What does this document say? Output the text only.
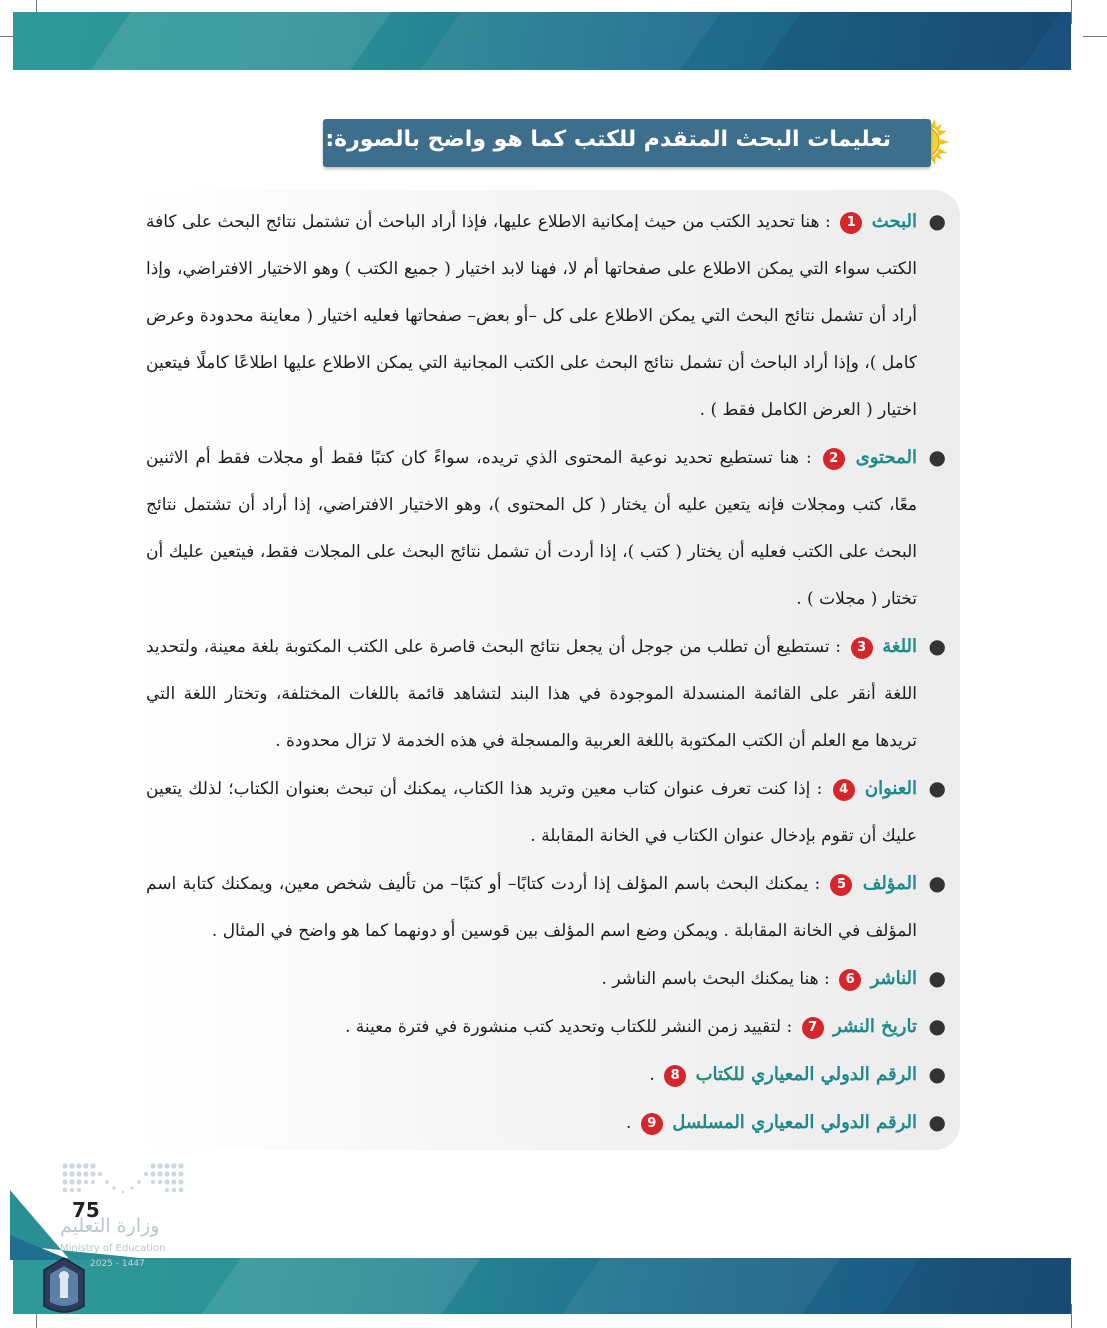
تعليمات البحث المتقدم للكتب كما هو واضح بالصورة:
●
البحث 1 : هنا تحديد الكتب من حيث إمكانية الاطلاع عليها، فإذا أراد الباحث أن تشتمل نتائج البحث على كافة الكتب سواء التي يمكن الاطلاع على صفحاتها أم لا، فهنا لابد اختيار ( جميع الكتب ) وهو الاختيار الافتراضي، وإذا أراد أن تشمل نتائج البحث التي يمكن الاطلاع على كل –أو بعض– صفحاتها فعليه اختيار ( معاينة محدودة وعرض كامل )، وإذا أراد الباحث أن تشمل نتائج البحث على الكتب المجانية التي يمكن الاطلاع عليها اطلاعًا كاملًا فيتعين اختيار ( العرض الكامل فقط ) .
●
المحتوى 2 : هنا تستطيع تحديد نوعية المحتوى الذي تريده، سواءً كان كتبًا فقط أو مجلات فقط أم الاثنين معًا، كتب ومجلات فإنه يتعين عليه أن يختار ( كل المحتوى )، وهو الاختيار الافتراضي، إذا أراد أن تشتمل نتائج البحث على الكتب فعليه أن يختار ( كتب )، إذا أردت أن تشمل نتائج البحث على المجلات فقط، فيتعين عليك أن تختار ( مجلات ) .
●
اللغة 3 : تستطيع أن تطلب من جوجل أن يجعل نتائج البحث قاصرة على الكتب المكتوبة بلغة معينة، ولتحديد اللغة أنقر على القائمة المنسدلة الموجودة في هذا البند لتشاهد قائمة باللغات المختلفة، وتختار اللغة التي تريدها مع العلم أن الكتب المكتوبة باللغة العربية والمسجلة في هذه الخدمة لا تزال محدودة .
●
العنوان 4 : إذا كنت تعرف عنوان كتاب معين وتريد هذا الكتاب، يمكنك أن تبحث بعنوان الكتاب؛ لذلك يتعين عليك أن تقوم بإدخال عنوان الكتاب في الخانة المقابلة .
●
المؤلف 5 : يمكنك البحث باسم المؤلف إذا أردت كتابًا– أو كتبًا– من تأليف شخص معين، ويمكنك كتابة اسم المؤلف في الخانة المقابلة . ويمكن وضع اسم المؤلف بين قوسين أو دونهما كما هو واضح في المثال .
●
الناشر 6 : هنا يمكنك البحث باسم الناشر .
●
تاريخ النشر 7 : لتقييد زمن النشر للكتاب وتحديد كتب منشورة في فترة معينة .
●
الرقم الدولي المعياري للكتاب 8 .
●
الرقم الدولي المعياري المسلسل 9 .
75
وزارة التعليم
Ministry of Education
2025 - 1447
